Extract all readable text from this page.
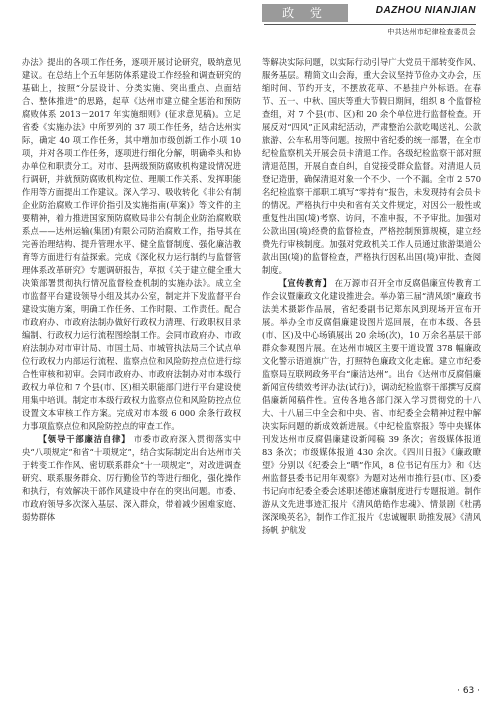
政 党	DAZHOU NIANJIAN
中共达州市纪律检查委员会

办法》提出的各项工作任务，逐项开展讨论研究，吸纳意见建议。在总结上个五年惩防体系建设工作经验和调查研究的基础上，按照“分层设计、分类实施、突出重点、点面结合、整体推进”的思路，起草《达州市建立健全惩治和预防腐败体系 2013－2017 年实施细则》(征求意见稿)。立足省委《实施办法》中所罗列的 37 项工作任务，结合达州实际，确定 40 项工作任务，其中增加市级创新工作小项 10 项，并对各项工作任务，逐项进行细化分解，明确牵头和协办单位和职责分工。对市、县两级预防腐败机构建设情况进行调研，并就预防腐败机构定位、理顺工作关系、发挥职能作用等方面提出工作建议。深入学习、吸收转化《非公有制企业防治腐败工作评价指引及实施指南(草案)》等文件的主要精神，着力推进国家预防腐败局非公有制企业防治腐败联系点——达州运输(集团)有限公司防治腐败工作，指导其在完善治理结构、提升管理水平、健全监督制度、强化廉洁教育等方面进行有益探索。完成《深化权力运行制约与监督管理体系改革研究》专题调研报告，草拟《关于建立健全重大决策部署贯彻执行情况监督检查机制的实施办法》。成立全市监督平台建设领导小组及其办公室，制定并下发监督平台建设实施方案，明确工作任务、工作时限、工作责任。配合市政府办、市政府法制办做好行政权力清理、行政职权目录编制、行政权力运行流程图绘制工作。会同市政府办、市政府法制办对市审计局、市国土局、市城管执法局三个试点单位行政权力内部运行流程、监察点位和风险防控点位进行综合性审核和初审。会同市政府办、市政府法制办对市本级行政权力单位和 7 个县(市、区)相关职能部门进行平台建设使用集中培训。制定市本级行政权力监察点位和风险防控点位设置文本审核工作方案。完成对市本级 6 000 余条行政权力事项监察点位和风险防控点的审查工作。

【领导干部廉洁自律】 市委市政府深入贯彻落实中央“八项规定”和省“十项规定”，结合实际制定出台达州市关于转变工作作风、密切联系群众“十一项规定”，对改进调查研究、联系服务群众、厉行勤俭节约等进行细化，强化操作和执行，有效解决干部作风建设中存在的突出问题。市委、市政府领导多次深入基层、深入群众，带着减少困难家庭、弱势群体

等解决实际问题，以实际行动引导广大党员干部转变作风、服务基层。精简文山会海，重大会议坚持节俭办文办会，压缩时间、节约开支，不摆放花草、不悬挂户外标语。在春节、五一、中秋、国庆等重大节假日期间，组织 8 个监督检查组，对 7 个县(市、区)和 20 余个单位进行监督检查。开展反对“四风”正风肃纪活动，严肃整治公款吃喝送礼、公款旅游、公车私用等问题。按照中省纪委的统一部署，在全市纪检监察机关开展会员卡清退工作。各级纪检监察干部对照清退范围，开展自查自纠，自觉接受群众监督。对清退人员登记造册，确保清退对象一个不少、一个不漏。全市 2 570 名纪检监察干部职工填写“零持有”报告，未发现持有会员卡的情况。严格执行中央和省有关文件规定，对因公一般性或重复性出国(境)考察、访问，不准申报，不予审批。加强对公款出国(境)经费的监督检查，严格控制预算规模，建立经费先行审核制度。加强对党政机关工作人员通过旅游渠道公款出国(境)的监督检查，严格执行因私出国(境)审批、查阅制度。

【宣传教育】 在万源市召开全市反腐倡廉宣传教育工作会议暨廉政文化建设推进会。举办第三届“清风颂”廉政书法美术摄影作品展，省纪委副书记郑东风到现场开宣布开展。举办全市反腐倡廉建设图片巡回展，在市本级、各县(市、区)及中心场镇展出 20 余场(次)，10 万余名基层干部群众参观图片展。在达州市城区主要干道设置 378 幅廉政文化警示语道旗广告，打照特色廉政文化走廊。建立市纪委监察局互联网政务平台“廉洁达州”。出台《达州市反腐倡廉新闻宣传绩效考评办法(试行)》，调动纪检监察干部撰写反腐倡廉新闻稿件性。宣传各地各部门深入学习贯彻党的十八大、十八届三中全会和中央、省、市纪委全会精神过程中解决实际问题的新成效新进展。《中纪检监察报》等中央媒体刊发达州市反腐倡廉建设新闻稿 39 条次；省级媒体报道 83 条次；市级媒体报道 430 余次。《四川日报》《廉政瞭望》分别以《纪委会上“晒”作风，8 位书记有压力》和《达州监督县委书记用年观察》为题对达州市推行县(市、区)委书记向市纪委全委会述职述德述廉制度进行专题报道。制作游从文先进事迹汇报片《清风皓皓作忠魂》、情景剧《杜鹃深深唤英名》，制作工作汇报片《忠诚履职 助推发展》《清风扬帆 护航发

· 63 ·
